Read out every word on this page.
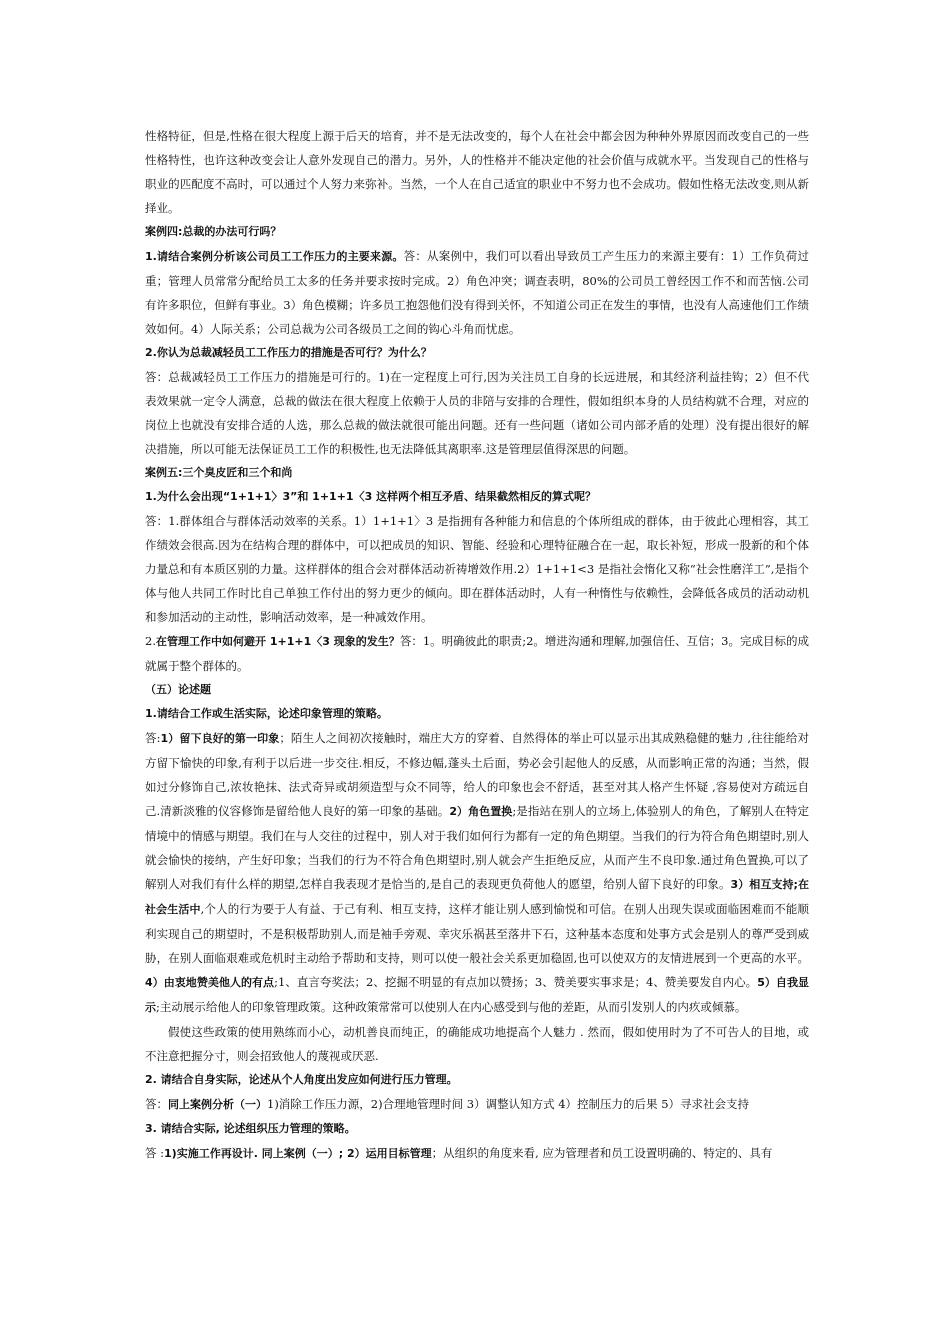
性格特征，但是,性格在很大程度上源于后天的培育，并不是无法改变的，每个人在社会中都会因为种种外界原因而改变自己的一些性格特性，也许这种改变会让人意外发现自己的潜力。另外，人的性格并不能决定他的社会价值与成就水平。当发现自己的性格与职业的匹配度不高时，可以通过个人努力来弥补。当然，一个人在自己适宜的职业中不努力也不会成功。假如性格无法改变,则从新择业。

案例四:总裁的办法可行吗？

1.请结合案例分析该公司员工工作压力的主要来源。答：从案例中，我们可以看出导致员工产生压力的来源主要有：1）工作负荷过重；管理人员常常分配给员工太多的任务并要求按时完成。2）角色冲突；调查表明，80%的公司员工曾经因工作不和而苦恼.公司有许多职位，但鲜有事业。3）角色模糊；许多员工抱怨他们没有得到关怀，不知道公司正在发生的事情，也没有人高速他们工作绩效如何。4）人际关系；公司总裁为公司各级员工之间的钩心斗角而忧虑。

2.你认为总裁减轻员工工作压力的措施是否可行？为什么？

答：总裁减轻员工工作压力的措施是可行的。1)在一定程度上可行,因为关注员工自身的长远进展，和其经济利益挂钩；2）但不代表效果就一定令人满意，总裁的做法在很大程度上依赖于人员的非陪与安排的合理性，假如组织本身的人员结构就不合理，对应的岗位上也就没有安排合适的人选，那么总裁的做法就很可能出问题。还有一些问题（诸如公司内部矛盾的处理）没有提出很好的解决措施，所以可能无法保证员工工作的积极性,也无法降低其离职率.这是管理层值得深思的问题。

案例五:三个臭皮匠和三个和尚

1.为什么会出现“1+1+1〉3”和 1+1+1〈3 这样两个相互矛盾、结果截然相反的算式呢？

答：1.群体组合与群体活动效率的关系。1）1+1+1〉3 是指拥有各种能力和信息的个体所组成的群体，由于彼此心理相容，其工作绩效会很高.因为在结构合理的群体中，可以把成员的知识、智能、经验和心理特征融合在一起，取长补短，形成一股新的和个体力量总和有本质区别的力量。这样群体的组合会对群体活动祈祷增效作用.2）1+1+1<3 是指社会惰化又称“社会性磨洋工”,是指个体与他人共同工作时比自己单独工作付出的努力更少的倾向。即在群体活动时，人有一种惰性与依赖性，会降低各成员的活动动机和参加活动的主动性，影响活动效率，是一种减效作用。

2.在管理工作中如何避开 1+1+1〈3 现象的发生？答：1。明确彼此的职责;2。增进沟通和理解,加强信任、互信；3。完成目标的成就属于整个群体的。

（五）论述题

1.请结合工作或生活实际，论述印象管理的策略。

答:1）留下良好的第一印象；陌生人之间初次接触时，端庄大方的穿着、自然得体的举止可以显示出其成熟稳健的魅力 ,往往能给对方留下愉快的印象,有利于以后进一步交往.相反，不修边幅,蓬头土后面，势必会引起他人的反感，从而影响正常的沟通；当然，假如过分修饰自己,浓妆艳抹、法式奇异或胡须造型与众不同等，给人的印象也会不舒适，甚至对其人格产生怀疑 ,容易使对方疏远自己.清新淡雅的仪容修饰是留给他人良好的第一印象的基础。2）角色置换;是指站在别人的立场上,体验别人的角色，了解别人在特定情境中的情感与期望。我们在与人交往的过程中，别人对于我们如何行为都有一定的角色期望。当我们的行为符合角色期望时,别人就会愉快的接纳，产生好印象；当我们的行为不符合角色期望时,别人就会产生拒绝反应，从而产生不良印象.通过角色置换,可以了解别人对我们有什么样的期望,怎样自我表现才是恰当的,是自己的表现更负荷他人的愿望，给别人留下良好的印象。3）相互支持;在社会生活中,个人的行为要于人有益、于己有利、相互支持，这样才能让别人感到愉悦和可信。在别人出现失误或面临困难而不能顺利实现自己的期望时，不是积极帮助别人,而是袖手旁观、幸灾乐祸甚至落井下石，这种基本态度和处事方式会是别人的尊严受到威胁，在别人面临艰难或危机时主动给予帮助和支持，则可以使一般社会关系更加稳固,也可以使双方的友情进展到一个更高的水平。4）由衷地赞美他人的有点;1、直言夸奖法；2、挖掘不明显的有点加以赞扬；3、赞美要实事求是；4、赞美要发自内心。5）自我显示;主动展示给他人的印象管理政策。这种政策常常可以使别人在内心感受到与他的差距，从而引发别人的内疚或倾慕。

假使这些政策的使用熟练而小心，动机善良而纯正，的确能成功地提高个人魅力 . 然而，假如使用时为了不可告人的目地，或不注意把握分寸，则会招致他人的蔑视或厌恶.

2. 请结合自身实际，论述从个人角度出发应如何进行压力管理。

答：同上案例分析（一）1)消除工作压力源，2)合理地管理时间 3）调整认知方式 4）控制压力的后果 5）寻求社会支持

3. 请结合实际, 论述组织压力管理的策略。

答 :1)实施工作再设计. 同上案例（一）; 2）运用目标管理；从组织的角度来看, 应为管理者和员工设置明确的、特定的、具有
